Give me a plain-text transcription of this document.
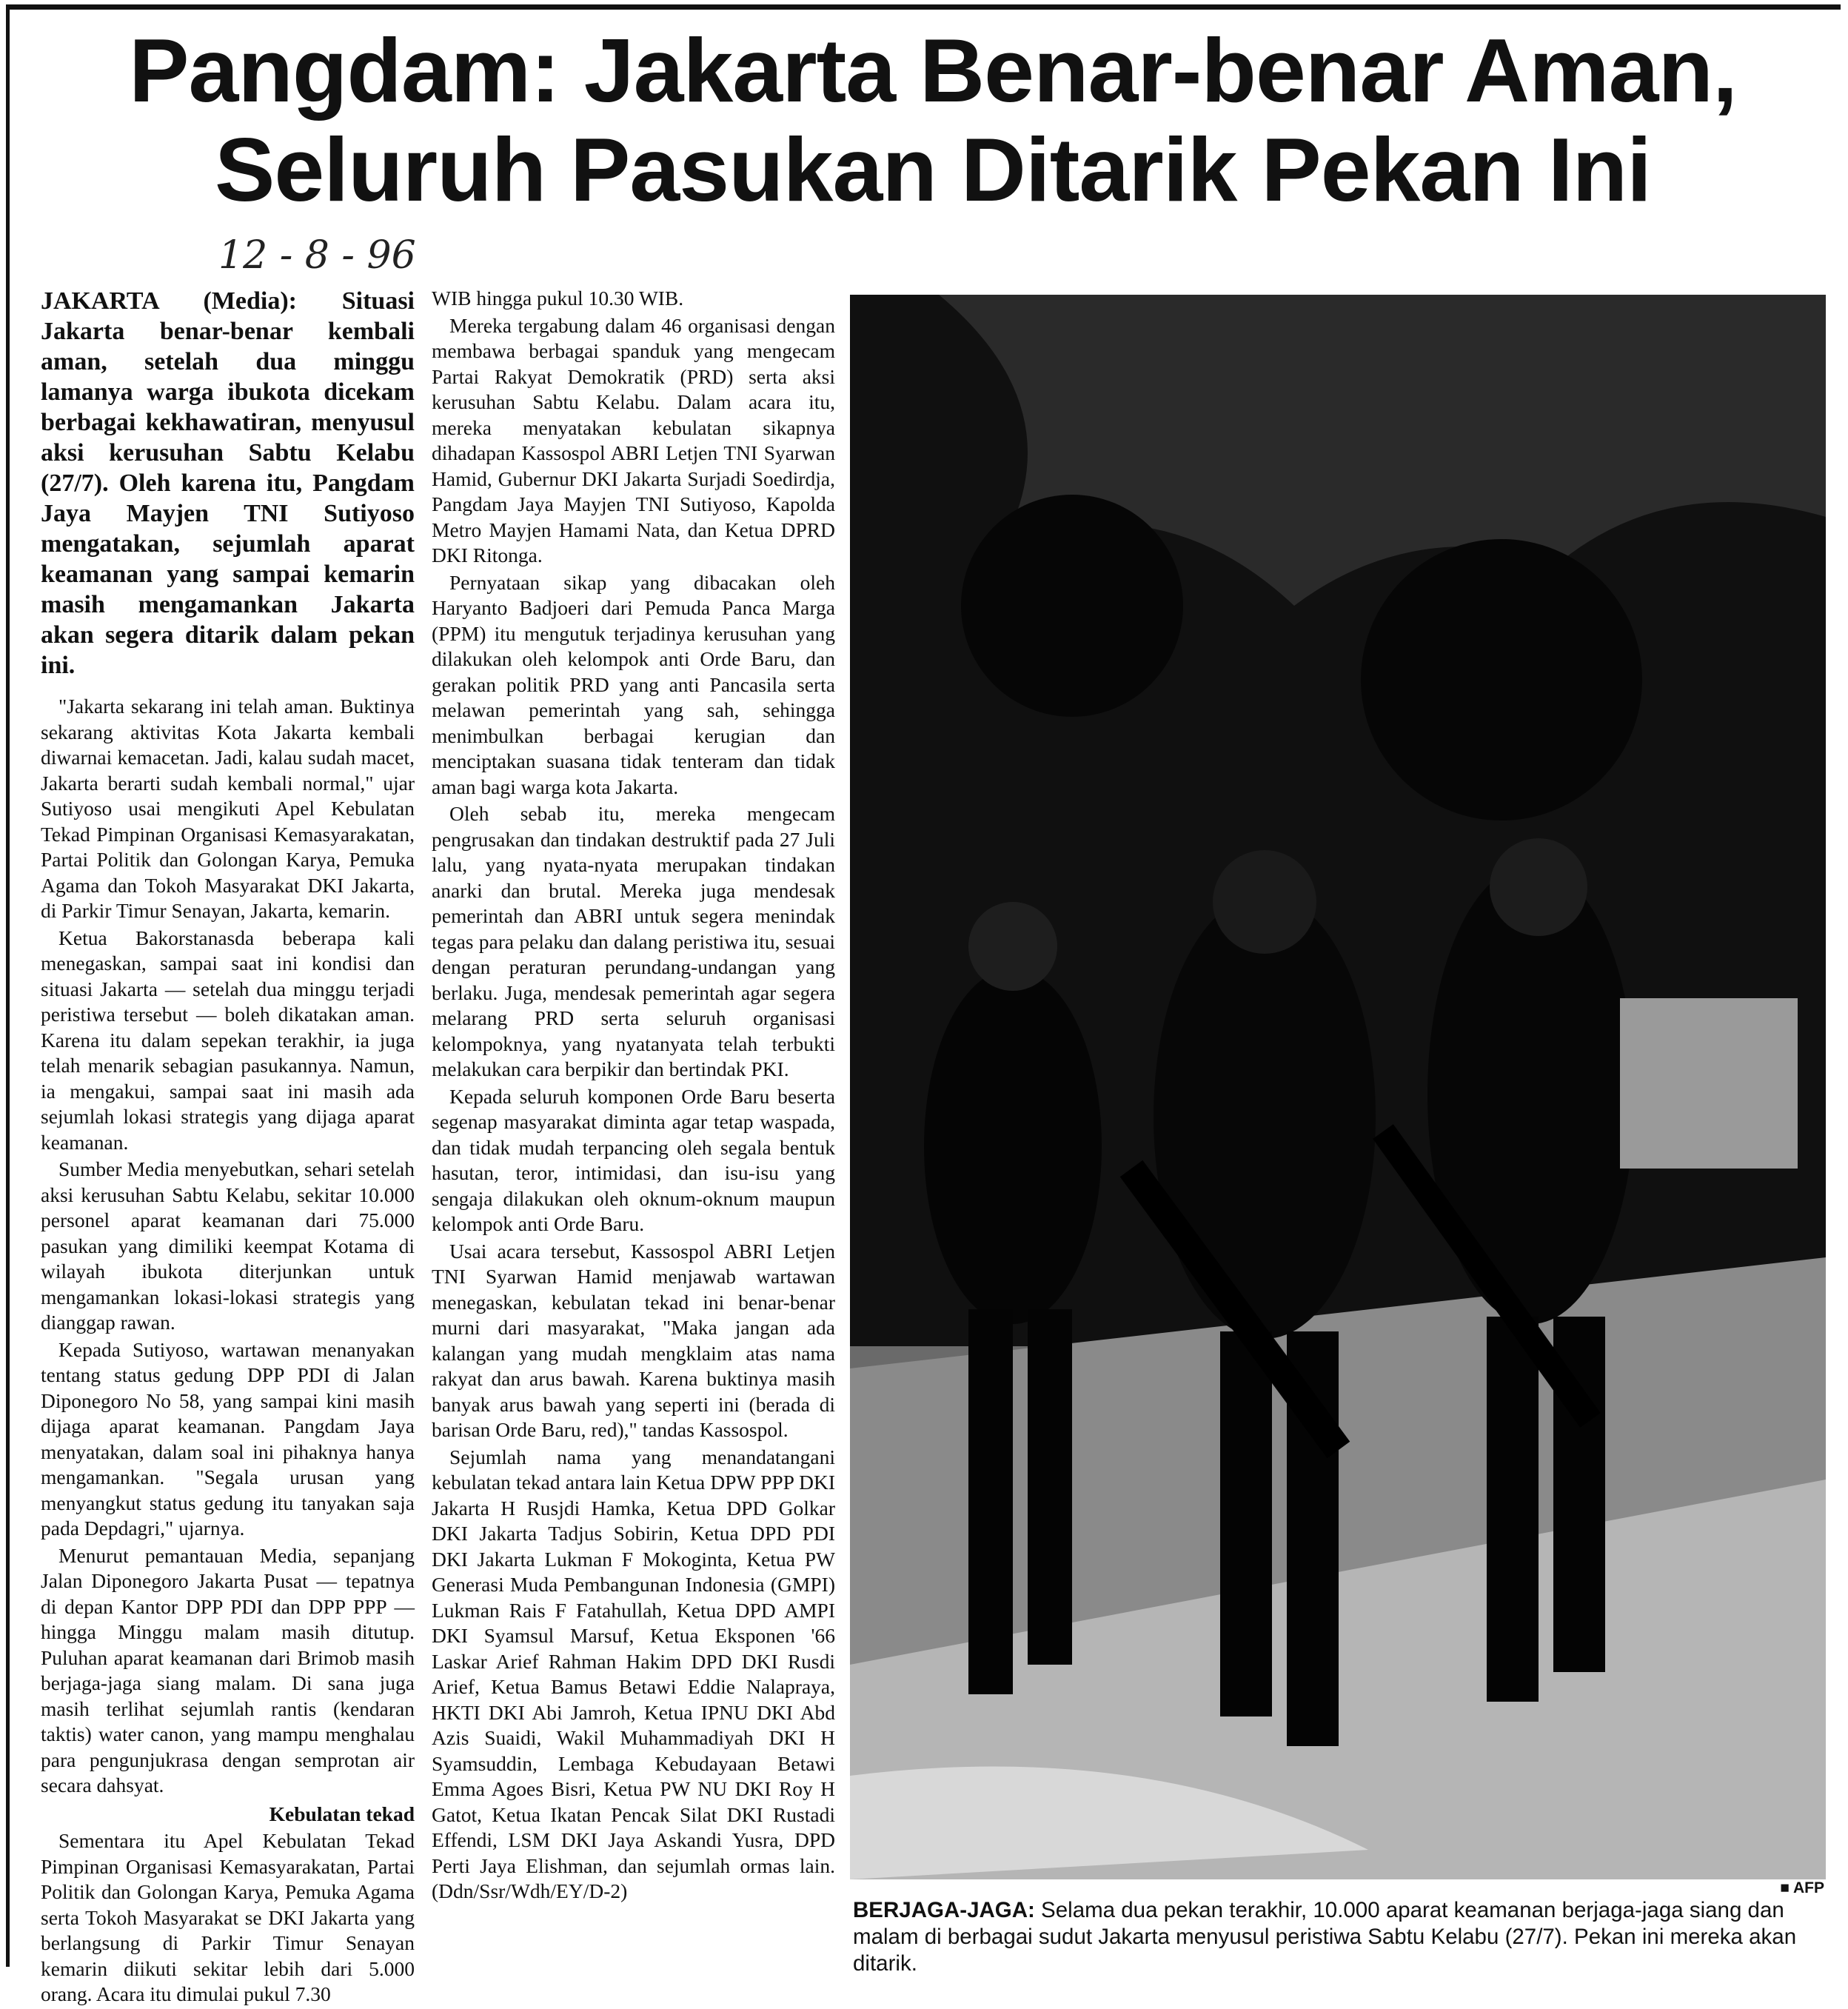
Pangdam: Jakarta Benar-benar Aman,
Seluruh Pasukan Ditarik Pekan Ini
12 - 8 - 96

JAKARTA (Media): Situasi Jakarta benar-benar kembali aman, setelah dua minggu lamanya warga ibukota dicekam berbagai kekhawatiran, menyusul aksi kerusuhan Sabtu Kelabu (27/7). Oleh karena itu, Pangdam Jaya Mayjen TNI Sutiyoso mengatakan, sejumlah aparat keamanan yang sampai kemarin masih mengamankan Jakarta akan segera ditarik dalam pekan ini.

"Jakarta sekarang ini telah aman. Buktinya sekarang aktivitas Kota Jakarta kembali diwarnai kemacetan. Jadi, kalau sudah macet, Jakarta berarti sudah kembali normal," ujar Sutiyoso usai mengikuti Apel Kebulatan Tekad Pimpinan Organisasi Kemasyarakatan, Partai Politik dan Golongan Karya, Pemuka Agama dan Tokoh Masyarakat DKI Jakarta, di Parkir Timur Senayan, Jakarta, kemarin.

Ketua Bakorstanasda beberapa kali menegaskan, sampai saat ini kondisi dan situasi Jakarta — setelah dua minggu terjadi peristiwa tersebut — boleh dikatakan aman. Karena itu dalam sepekan terakhir, ia juga telah menarik sebagian pasukannya. Namun, ia mengakui, sampai saat ini masih ada sejumlah lokasi strategis yang dijaga aparat keamanan.

Sumber Media menyebutkan, sehari setelah aksi kerusuhan Sabtu Kelabu, sekitar 10.000 personel aparat keamanan dari 75.000 pasukan yang dimiliki keempat Kotama di wilayah ibukota diterjunkan untuk mengamankan lokasi-lokasi strategis yang dianggap rawan.

Kepada Sutiyoso, wartawan menanyakan tentang status gedung DPP PDI di Jalan Diponegoro No 58, yang sampai kini masih dijaga aparat keamanan. Pangdam Jaya menyatakan, dalam soal ini pihaknya hanya mengamankan. "Segala urusan yang menyangkut status gedung itu tanyakan saja pada Depdagri," ujarnya.

Menurut pemantauan Media, sepanjang Jalan Diponegoro Jakarta Pusat — tepatnya di depan Kantor DPP PDI dan DPP PPP — hingga Minggu malam masih ditutup. Puluhan aparat keamanan dari Brimob masih berjaga-jaga siang malam. Di sana juga masih terlihat sejumlah rantis (kendaran taktis) water canon, yang mampu menghalau para pengunjukrasa dengan semprotan air secara dahsyat.

Kebulatan tekad

Sementara itu Apel Kebulatan Tekad Pimpinan Organisasi Kemasyarakatan, Partai Politik dan Golongan Karya, Pemuka Agama serta Tokoh Masyarakat se DKI Jakarta yang berlangsung di Parkir Timur Senayan kemarin diikuti sekitar lebih dari 5.000 orang. Acara itu dimulai pukul 7.30

WIB hingga pukul 10.30 WIB.

Mereka tergabung dalam 46 organisasi dengan membawa berbagai spanduk yang mengecam Partai Rakyat Demokratik (PRD) serta aksi kerusuhan Sabtu Kelabu. Dalam acara itu, mereka menyatakan kebulatan sikapnya dihadapan Kassospol ABRI Letjen TNI Syarwan Hamid, Gubernur DKI Jakarta Surjadi Soedirdja, Pangdam Jaya Mayjen TNI Sutiyoso, Kapolda Metro Mayjen Hamami Nata, dan Ketua DPRD DKI Ritonga.

Pernyataan sikap yang dibacakan oleh Haryanto Badjoeri dari Pemuda Panca Marga (PPM) itu mengutuk terjadinya kerusuhan yang dilakukan oleh kelompok anti Orde Baru, dan gerakan politik PRD yang anti Pancasila serta melawan pemerintah yang sah, sehingga menimbulkan berbagai kerugian dan menciptakan suasana tidak tenteram dan tidak aman bagi warga kota Jakarta.

Oleh sebab itu, mereka mengecam pengrusakan dan tindakan destruktif pada 27 Juli lalu, yang nyata-nyata merupakan tindakan anarki dan brutal. Mereka juga mendesak pemerintah dan ABRI untuk segera menindak tegas para pelaku dan dalang peristiwa itu, sesuai dengan peraturan perundang-undangan yang berlaku. Juga, mendesak pemerintah agar segera melarang PRD serta seluruh organisasi kelompoknya, yang nyatanyata telah terbukti melakukan cara berpikir dan bertindak PKI.

Kepada seluruh komponen Orde Baru beserta segenap masyarakat diminta agar tetap waspada, dan tidak mudah terpancing oleh segala bentuk hasutan, teror, intimidasi, dan isu-isu yang sengaja dilakukan oleh oknum-oknum maupun kelompok anti Orde Baru.

Usai acara tersebut, Kassospol ABRI Letjen TNI Syarwan Hamid menjawab wartawan menegaskan, kebulatan tekad ini benar-benar murni dari masyarakat, "Maka jangan ada kalangan yang mudah mengklaim atas nama rakyat dan arus bawah. Karena buktinya masih banyak arus bawah yang seperti ini (berada di barisan Orde Baru, red)," tandas Kassospol.

Sejumlah nama yang menandatangani kebulatan tekad antara lain Ketua DPW PPP DKI Jakarta H Rusjdi Hamka, Ketua DPD Golkar DKI Jakarta Tadjus Sobirin, Ketua DPD PDI DKI Jakarta Lukman F Mokoginta, Ketua PW Generasi Muda Pembangunan Indonesia (GMPI) Lukman Rais F Fatahullah, Ketua DPD AMPI DKI Syamsul Marsuf, Ketua Eksponen '66 Laskar Arief Rahman Hakim DPD DKI Rusdi Arief, Ketua Bamus Betawi Eddie Nalapraya, HKTI DKI Abi Jamroh, Ketua IPNU DKI Abd Azis Suaidi, Wakil Muhammadiyah DKI H Syamsuddin, Lembaga Kebudayaan Betawi Emma Agoes Bisri, Ketua PW NU DKI Roy H Gatot, Ketua Ikatan Pencak Silat DKI Rustadi Effendi, LSM DKI Jaya Askandi Yusra, DPD Perti Jaya Elishman, dan sejumlah ormas lain. (Ddn/Ssr/Wdh/EY/D-2)	■ AFP
BERJAGA-JAGA: Selama dua pekan terakhir, 10.000 aparat keamanan berjaga-jaga siang dan malam di berbagai sudut Jakarta menyusul peristiwa Sabtu Kelabu (27/7). Pekan ini mereka akan ditarik.
